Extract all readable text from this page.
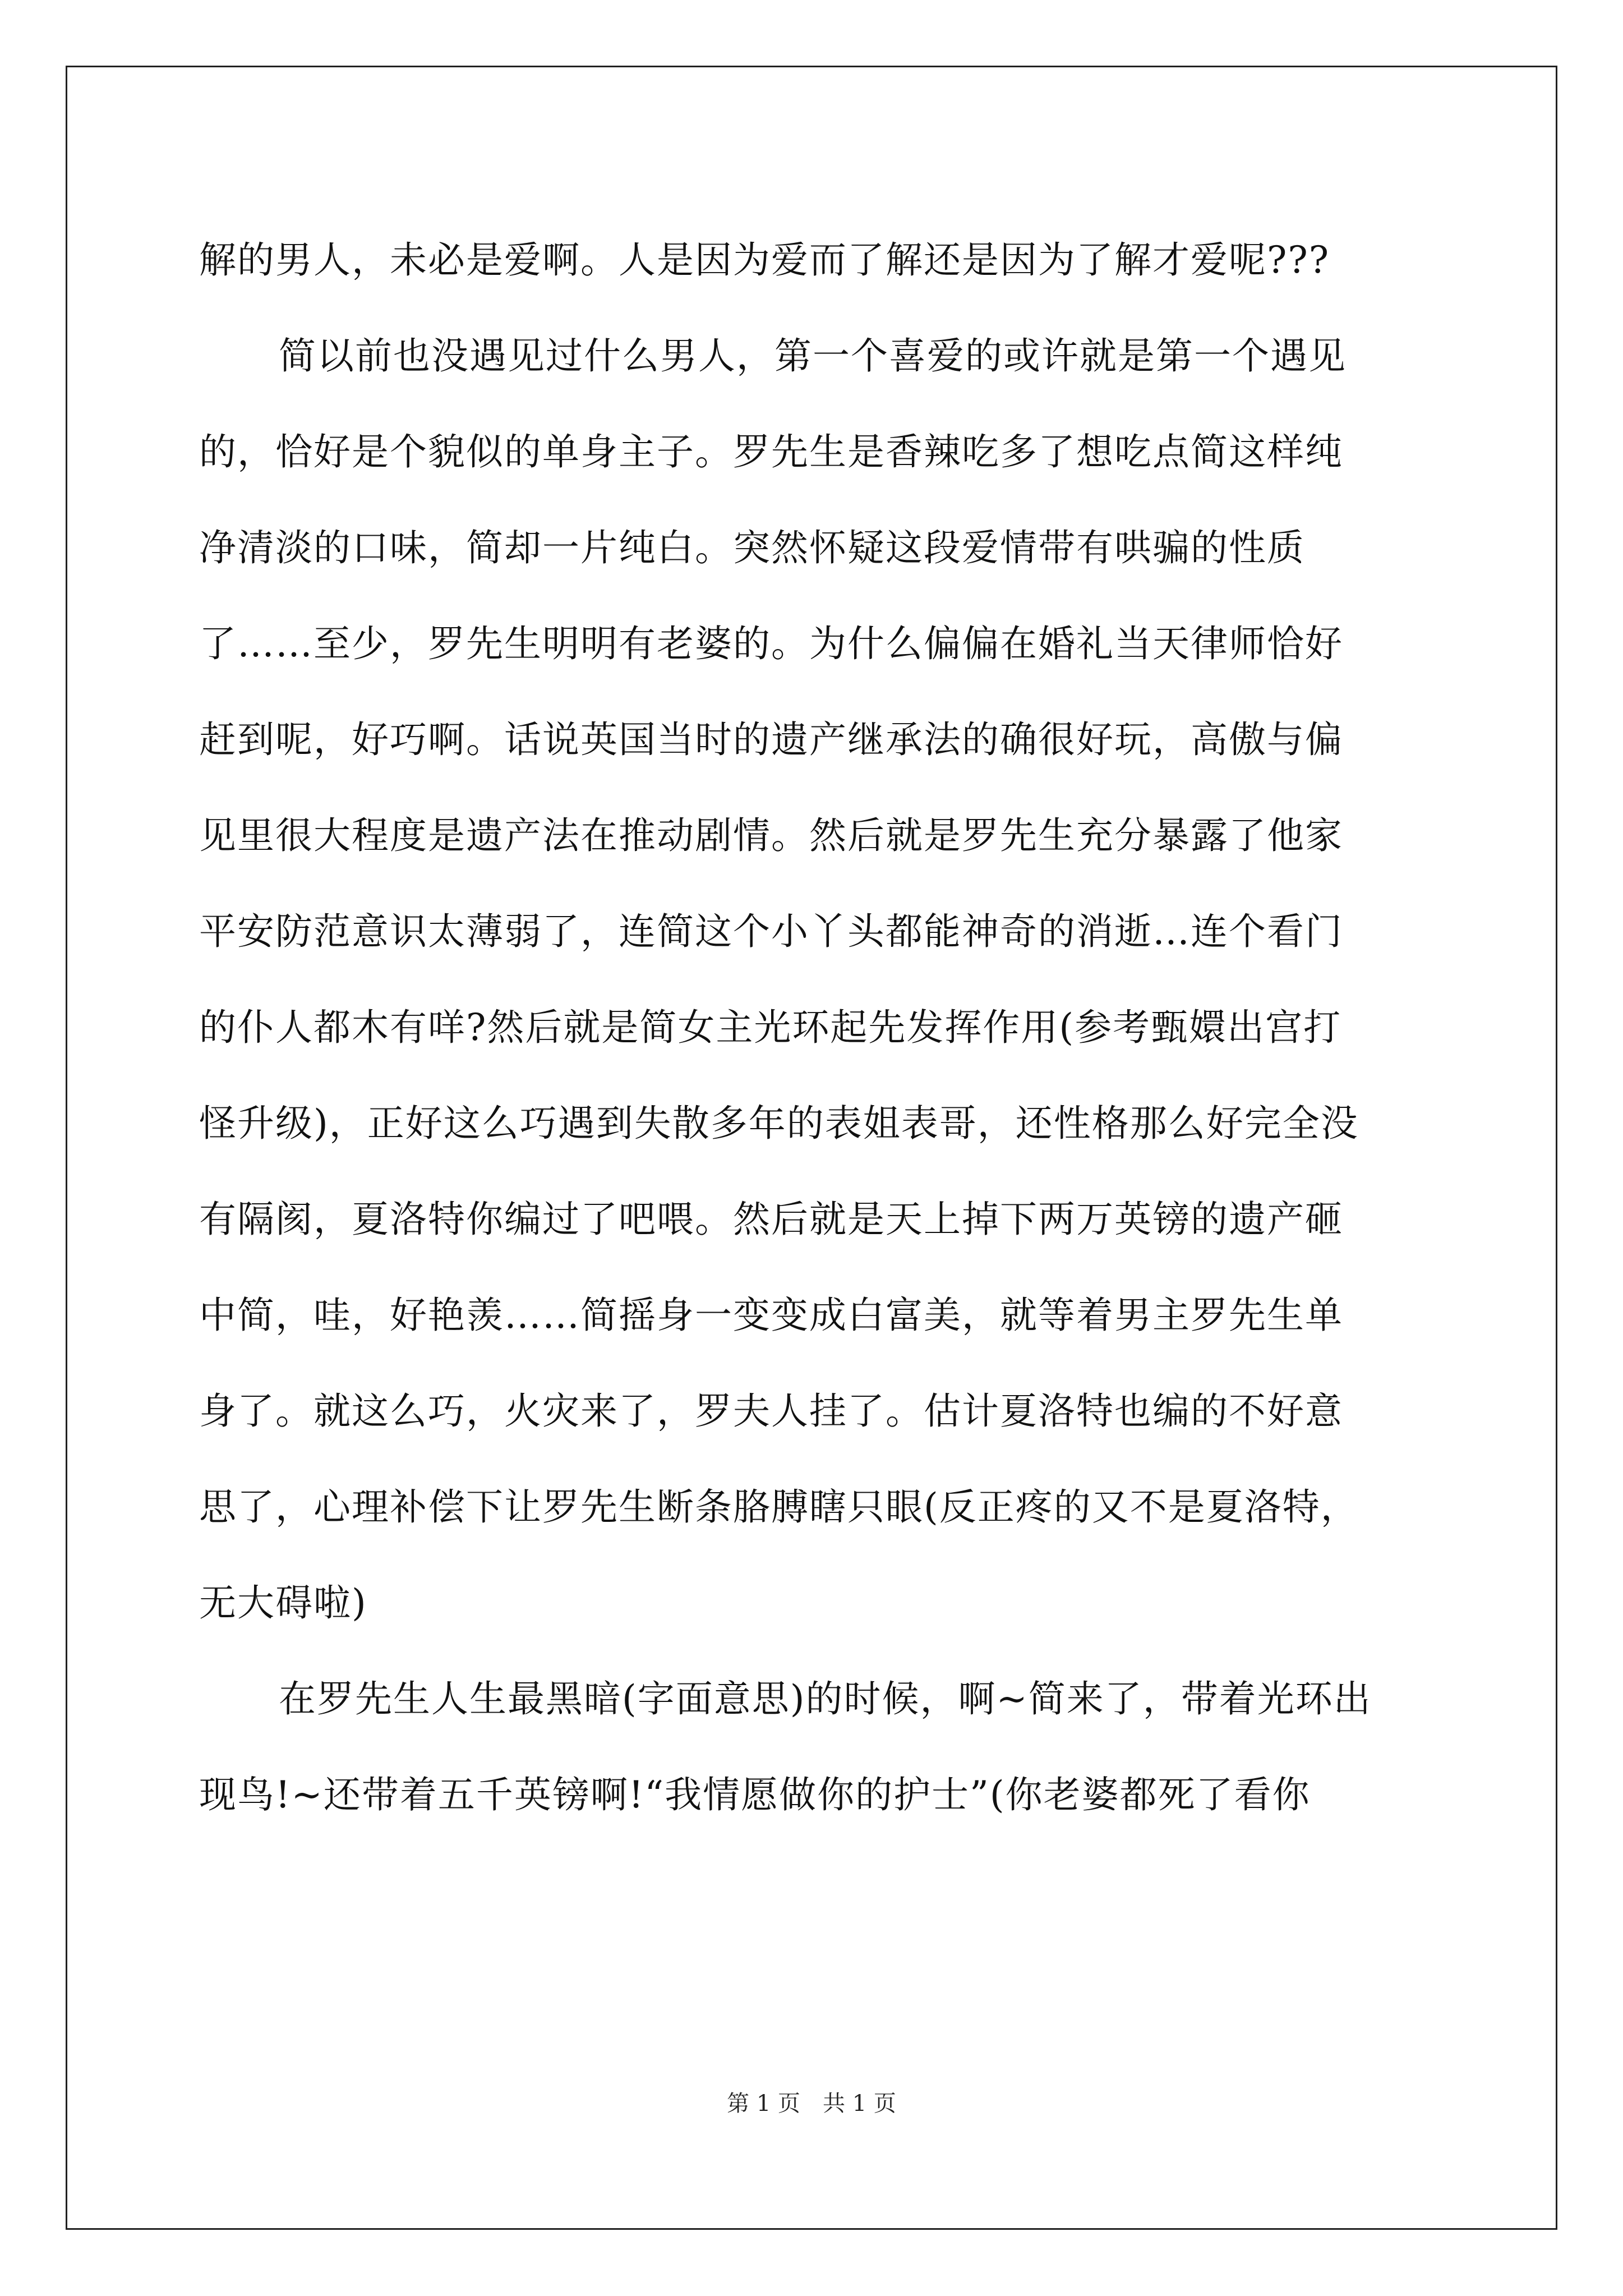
解的男人，未必是爱啊。人是因为爱而了解还是因为了解才爱呢???
简以前也没遇见过什么男人，第一个喜爱的或许就是第一个遇见
的，恰好是个貌似的单身主子。罗先生是香辣吃多了想吃点简这样纯
净清淡的口味，简却一片纯白。突然怀疑这段爱情带有哄骗的性质
了……至少，罗先生明明有老婆的。为什么偏偏在婚礼当天律师恰好
赶到呢，好巧啊。话说英国当时的遗产继承法的确很好玩，高傲与偏
见里很大程度是遗产法在推动剧情。然后就是罗先生充分暴露了他家
平安防范意识太薄弱了，连简这个小丫头都能神奇的消逝…连个看门
的仆人都木有咩?然后就是简女主光环起先发挥作用(参考甄嬛出宫打
怪升级)，正好这么巧遇到失散多年的表姐表哥，还性格那么好完全没
有隔阂，夏洛特你编过了吧喂。然后就是天上掉下两万英镑的遗产砸
中简，哇，好艳羡……简摇身一变变成白富美，就等着男主罗先生单
身了。就这么巧，火灾来了，罗夫人挂了。估计夏洛特也编的不好意
思了，心理补偿下让罗先生断条胳膊瞎只眼(反正疼的又不是夏洛特，
无大碍啦)
在罗先生人生最黑暗(字面意思)的时候，啊~简来了，带着光环出
现鸟!~还带着五千英镑啊!“我情愿做你的护士”(你老婆都死了看你
第 1 页　共 1 页
